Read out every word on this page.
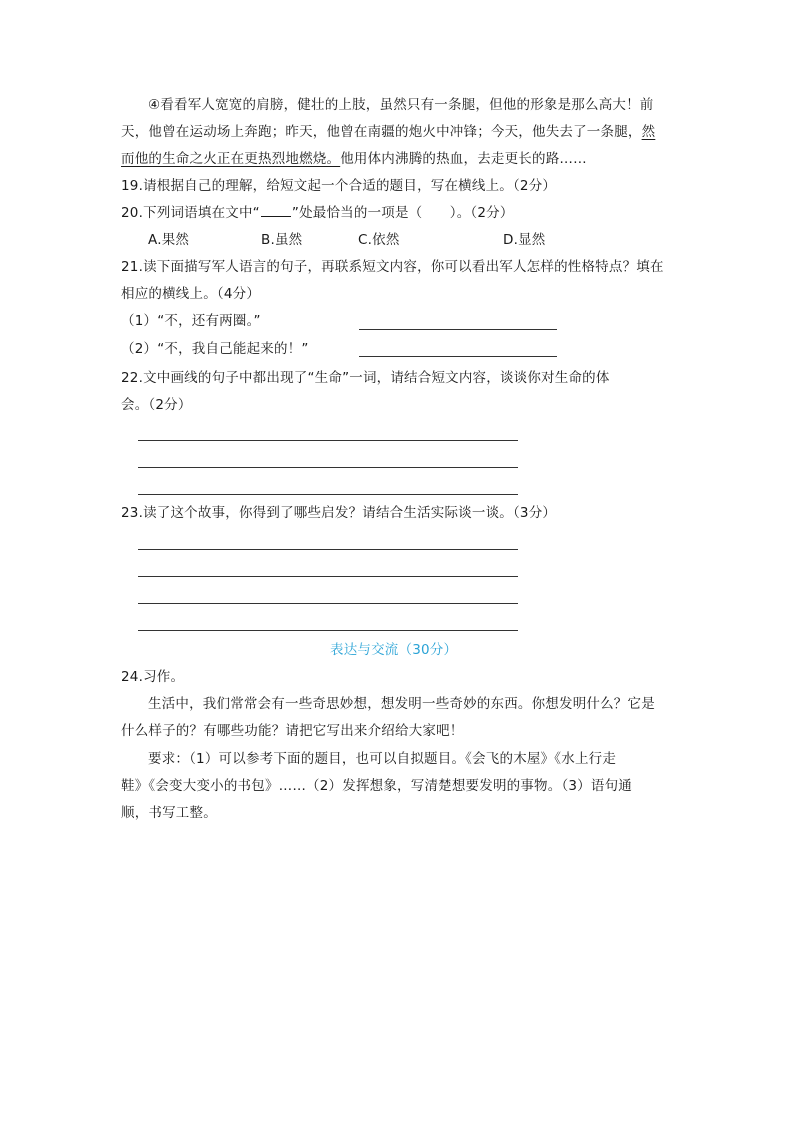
④看看军人宽宽的肩膀，健壮的上肢，虽然只有一条腿，但他的形象是那么高大！前
天，他曾在运动场上奔跑；昨天，他曾在南疆的炮火中冲锋；今天，他失去了一条腿，然
而他的生命之火正在更热烈地燃烧。他用体内沸腾的热血，去走更长的路……
19.请根据自己的理解，给短文起一个合适的题目，写在横线上。（2分）
20.下列词语填在文中“ ”处最恰当的一项是（　　）。（2分）
A.果然	B.虽然	C.依然	D.显然
21.读下面描写军人语言的句子，再联系短文内容，你可以看出军人怎样的性格特点？填在
相应的横线上。（4分）
（1）“不，还有两圈。”
（2）“不，我自己能起来的！”
22.文中画线的句子中都出现了“生命”一词，请结合短文内容，谈谈你对生命的体
会。（2分）
23.读了这个故事，你得到了哪些启发？请结合生活实际谈一谈。（3分）
表达与交流（30分）
24.习作。
生活中，我们常常会有一些奇思妙想，想发明一些奇妙的东西。你想发明什么？它是
什么样子的？有哪些功能？请把它写出来介绍给大家吧！
要求：（1）可以参考下面的题目，也可以自拟题目。《会飞的木屋》《水上行走
鞋》《会变大变小的书包》……（2）发挥想象，写清楚想要发明的事物。（3）语句通
顺，书写工整。
